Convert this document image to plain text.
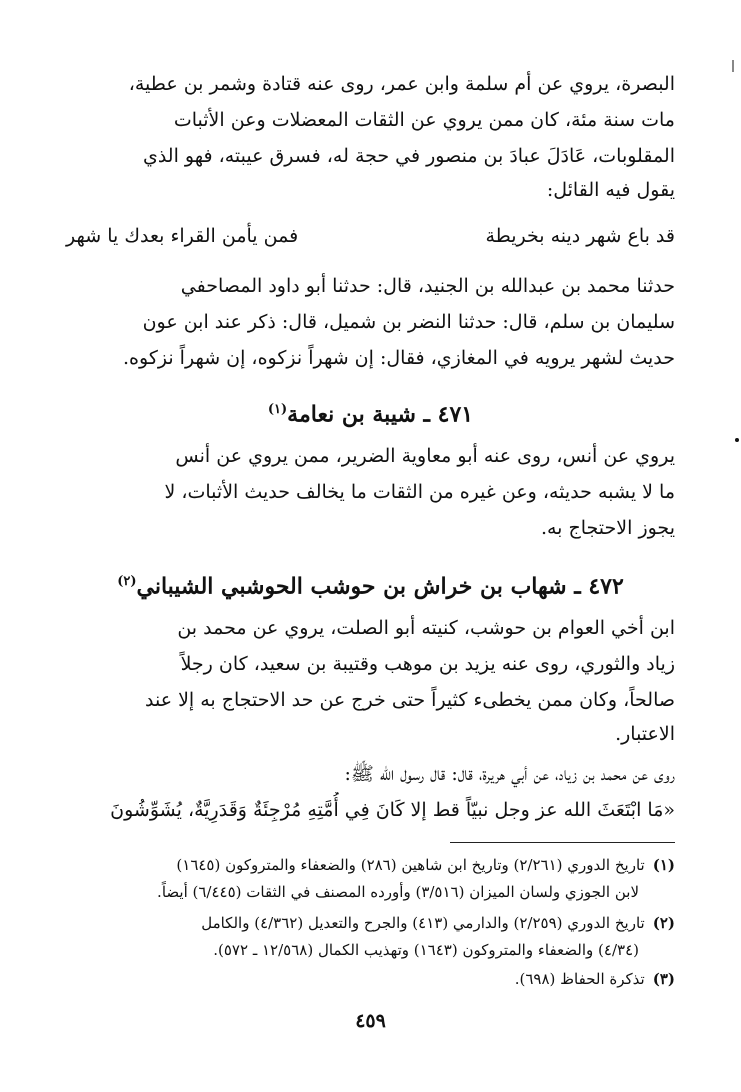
البصرة، يروي عن أم سلمة وابن عمر، روى عنه قتادة وشمر بن عطية،
مات سنة مئة، كان ممن يروي عن الثقات المعضلات وعن الأثبات
المقلوبات، عَادَلَ عبادَ بن منصور في حجة له، فسرق عيبته، فهو الذي
يقول فيه القائل:
قد باع شهر دينه بخريطة
فمن يأمن القراء بعدك يا شهر
حدثنا محمد بن عبدالله بن الجنيد، قال: حدثنا أبو داود المصاحفي
سليمان بن سلم، قال: حدثنا النضر بن شميل، قال: ذكر عند ابن عون
حديث لشهر يرويه في المغازي، فقال: إن شهراً نزكوه، إن شهراً نزكوه.
٤٧١ ـ شيبة بن نعامة$^{(١)}$
يروي عن أنس، روى عنه أبو معاوية الضرير، ممن يروي عن أنس
ما لا يشبه حديثه، وعن غيره من الثقات ما يخالف حديث الأثبات، لا
يجوز الاحتجاج به.
٤٧٢ ـ شهاب بن خراش بن حوشب الحوشبي الشيباني$^{(٢)}$
ابن أخي العوام بن حوشب، كنيته أبو الصلت، يروي عن محمد بن
زياد والثوري، روى عنه يزيد بن موهب وقتيبة بن سعيد، كان رجلاً
صالحاً، وكان ممن يخطىء كثيراً حتى خرج عن حد الاحتجاج به إلا عند
الاعتبار.
روى عن محمد بن زياد، عن أبي هريرة، قال: قال رسول الله ﷺ:
«مَا ابْتَعَثَ الله عز وجل نبيّاً قط إلا كَانَ فِي أُمَّتِهِ مُرْجِئَةٌ وَقَدَرِيَّةٌ، يُشَوِّشُونَ
(١)تاريخ الدوري (٢/٢٦١) وتاريخ ابن شاهين (٢٨٦) والضعفاء والمتروكون (١٦٤٥)
لابن الجوزي ولسان الميزان (٣/٥١٦) وأورده المصنف في الثقات (٦/٤٤٥) أيضاً.
(٢)تاريخ الدوري (٢/٢٥٩) والدارمي (٤١٣) والجرح والتعديل (٤/٣٦٢) والكامل
(٤/٣٤) والضعفاء والمتروكون (١٦٤٣) وتهذيب الكمال (١٢/٥٦٨ ـ ٥٧٢).
(٣)تذكرة الحفاظ (٦٩٨).
٤٥٩
